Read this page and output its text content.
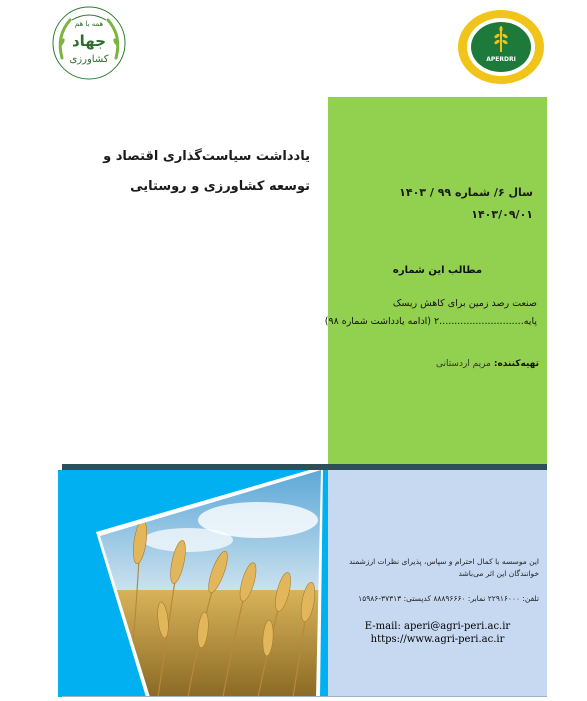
همه با هم
جهاد
کشاورزی	APERDRI
یادداشت سیاست‌گذاری اقتصاد و توسعه کشاورزی و روستایی	سال ۶/ شماره ۹۹ / ۱۴۰۳
۱۴۰۳/۰۹/۰۱
مطالب این شماره
صنعت رصد زمین برای کاهش ریسک
پایه............................۲ (ادامه یادداشت شماره ۹۸)
تهیه‌کننده: مریم اردستانی
این موسسه با کمال احترام و سپاس، پذیرای نظرات ارزشمند خوانندگان این اثر می‌باشد
تلفن: ۲۲۹۱۶۰۰۰ نمابر: ۸۸۸۹۶۶۶۰ کدپستی: ۳۷۳۱۳-۱۵۹۸۶
E-mail: aperi@agri-peri.ac.ir
https://www.agri-peri.ac.ir
